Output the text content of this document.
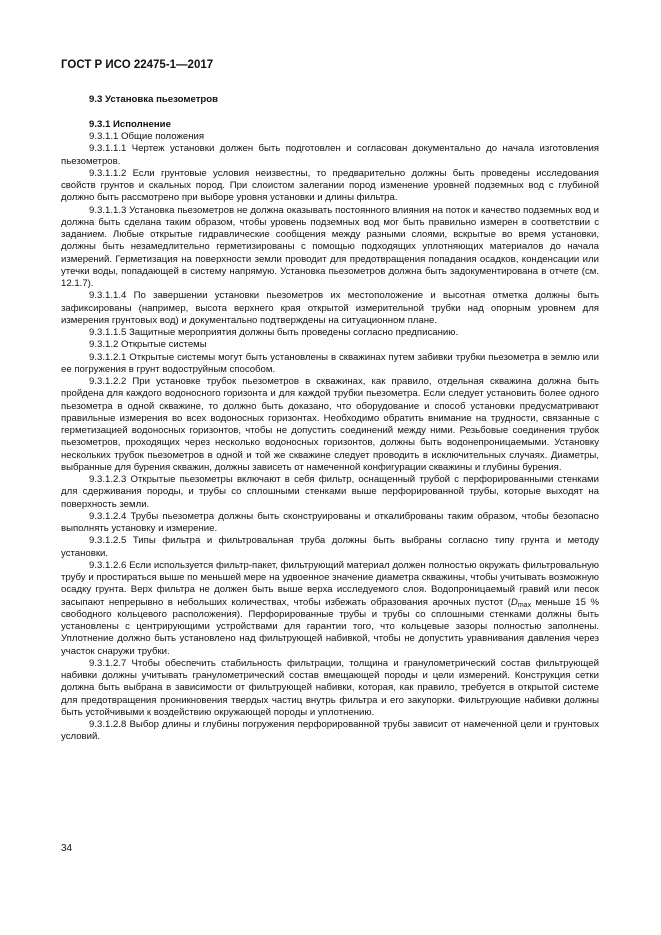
ГОСТ Р ИСО 22475-1—2017
9.3 Установка пьезометров
9.3.1 Исполнение

9.3.1.1 Общие положения

9.3.1.1.1 Чертеж установки должен быть подготовлен и согласован документально до начала изготовления пьезометров.

9.3.1.1.2 Если грунтовые условия неизвестны, то предварительно должны быть проведены исследования свойств грунтов и скальных пород. При слоистом залегании пород изменение уровней подземных вод с глубиной должно быть рассмотрено при выборе уровня установки и длины фильтра.

9.3.1.1.3 Установка пьезометров не должна оказывать постоянного влияния на поток и качество подземных вод и должна быть сделана таким образом, чтобы уровень подземных вод мог быть правильно измерен в соответствии с заданием. Любые открытые гидравлические сообщения между разными слоями, вскрытые во время установки, должны быть незамедлительно герметизированы с помощью подходящих уплотняющих материалов до начала измерений. Герметизация на поверхности земли проводит для предотвращения попадания осадков, конденсации или утечки воды, попадающей в систему напрямую. Установка пьезометров должна быть задокументирована в отчете (см. 12.1.7).

9.3.1.1.4 По завершении установки пьезометров их местоположение и высотная отметка должны быть зафиксированы (например, высота верхнего края открытой измерительной трубки над опорным уровнем для измерения грунтовых вод) и документально подтверждены на ситуационном плане.

9.3.1.1.5 Защитные мероприятия должны быть проведены согласно предписанию.

9.3.1.2 Открытые системы

9.3.1.2.1 Открытые системы могут быть установлены в скважинах путем забивки трубки пьезометра в землю или ее погружения в грунт водоструйным способом.

9.3.1.2.2 При установке трубок пьезометров в скважинах, как правило, отдельная скважина должна быть пройдена для каждого водоносного горизонта и для каждой трубки пьезометра. Если следует установить более одного пьезометра в одной скважине, то должно быть доказано, что оборудование и способ установки предусматривают правильные измерения во всех водоносных горизонтах. Необходимо обратить внимание на трудности, связанные с герметизацией водоносных горизонтов, чтобы не допустить соединений между ними. Резьбовые соединения трубок пьезометров, проходящих через несколько водоносных горизонтов, должны быть водонепроницаемыми. Установку нескольких трубок пьезометров в одной и той же скважине следует проводить в исключительных случаях. Диаметры, выбранные для бурения скважин, должны зависеть от намеченной конфигурации скважины и глубины бурения.

9.3.1.2.3 Открытые пьезометры включают в себя фильтр, оснащенный трубой с перфорированными стенками для сдерживания породы, и трубы со сплошными стенками выше перфорированной трубы, которые выходят на поверхность земли.

9.3.1.2.4 Трубы пьезометра должны быть сконструированы и откалиброваны таким образом, чтобы безопасно выполнять установку и измерение.

9.3.1.2.5 Типы фильтра и фильтровальная труба должны быть выбраны согласно типу грунта и методу установки.

9.3.1.2.6 Если используется фильтр-пакет, фильтрующий материал должен полностью окружать фильтровальную трубу и простираться выше по меньшей мере на удвоенное значение диаметра скважины, чтобы учитывать возможную осадку грунта. Верх фильтра не должен быть выше верха исследуемого слоя. Водопроницаемый гравий или песок засыпают непрерывно в небольших количествах, чтобы избежать образования арочных пустот ($D_{max}$ меньше 15 % свободного кольцевого расположения). Перфорированные трубы и трубы со сплошными стенками должны быть установлены с центрирующими устройствами для гарантии того, что кольцевые зазоры полностью заполнены. Уплотнение должно быть установлено над фильтрующей набивкой, чтобы не допустить уравнивания давления через участок снаружи трубки.

9.3.1.2.7 Чтобы обеспечить стабильность фильтрации, толщина и гранулометрический состав фильтрующей набивки должны учитывать гранулометрический состав вмещающей породы и цели измерений. Конструкция сетки должна быть выбрана в зависимости от фильтрующей набивки, которая, как правило, требуется в открытой системе для предотвращения проникновения твердых частиц внутрь фильтра и его закупорки. Фильтрующие набивки должны быть устойчивыми к воздействию окружающей породы и уплотнению.

9.3.1.2.8 Выбор длины и глубины погружения перфорированной трубы зависит от намеченной цели и грунтовых условий.

34
